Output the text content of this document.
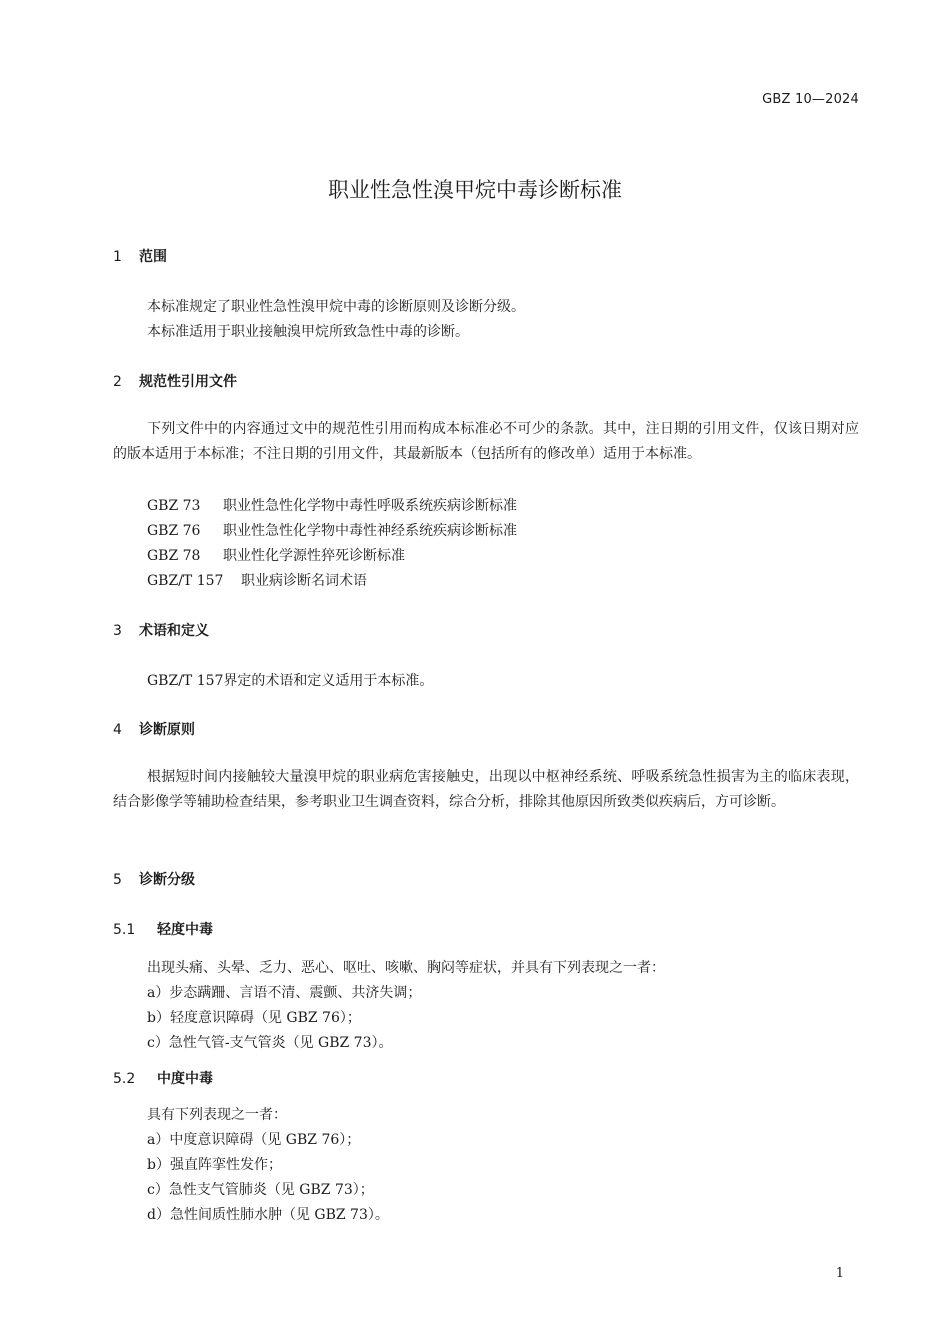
GBZ 10—2024
职业性急性溴甲烷中毒诊断标准
1 范围
本标准规定了职业性急性溴甲烷中毒的诊断原则及诊断分级。
本标准适用于职业接触溴甲烷所致急性中毒的诊断。
2 规范性引用文件

下列文件中的内容通过文中的规范性引用而构成本标准必不可少的条款。其中，注日期的引用文件，仅该日期对应的版本适用于本标准；不注日期的引用文件，其最新版本（包括所有的修改单）适用于本标准。

GBZ 73 职业性急性化学物中毒性呼吸系统疾病诊断标准
GBZ 76 职业性急性化学物中毒性神经系统疾病诊断标准
GBZ 78 职业性化学源性猝死诊断标准
GBZ/T 157 职业病诊断名词术语
3 术语和定义
GBZ/T 157界定的术语和定义适用于本标准。
4 诊断原则

根据短时间内接触较大量溴甲烷的职业病危害接触史，出现以中枢神经系统、呼吸系统急性损害为主的临床表现，结合影像学等辅助检查结果，参考职业卫生调查资料，综合分析，排除其他原因所致类似疾病后，方可诊断。

5 诊断分级
5.1 轻度中毒
出现头痛、头晕、乏力、恶心、呕吐、咳嗽、胸闷等症状，并具有下列表现之一者：
a）步态蹒跚、言语不清、震颤、共济失调；
b）轻度意识障碍（见 GBZ 76）；
c）急性气管-支气管炎（见 GBZ 73）。
5.2 中度中毒
具有下列表现之一者：
a）中度意识障碍（见 GBZ 76）；
b）强直阵挛性发作；
c）急性支气管肺炎（见 GBZ 73）；
d）急性间质性肺水肿（见 GBZ 73）。
1
